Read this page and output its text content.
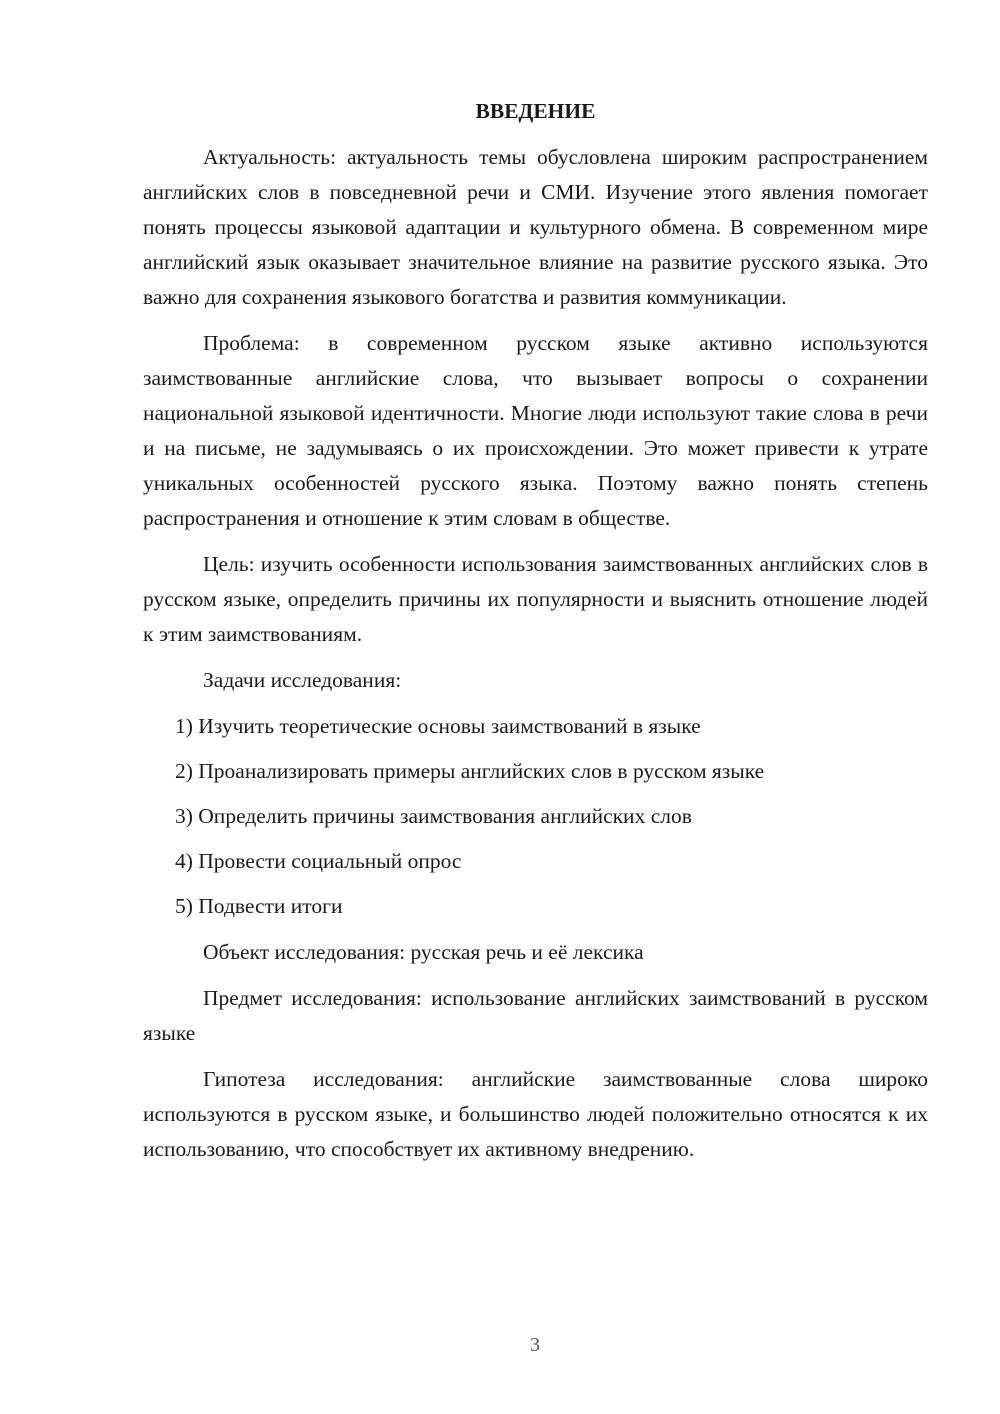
ВВЕДЕНИЕ

Актуальность: актуальность темы обусловлена широким распространением английских слов в повседневной речи и СМИ. Изучение этого явления помогает понять процессы языковой адаптации и культурного обмена. В современном мире английский язык оказывает значительное влияние на развитие русского языка. Это важно для сохранения языкового богатства и развития коммуникации.

Проблема: в современном русском языке активно используются заимствованные английские слова, что вызывает вопросы о сохранении национальной языковой идентичности. Многие люди используют такие слова в речи и на письме, не задумываясь о их происхождении. Это может привести к утрате уникальных особенностей русского языка. Поэтому важно понять степень распространения и отношение к этим словам в обществе.

Цель: изучить особенности использования заимствованных английских слов в русском языке, определить причины их популярности и выяснить отношение людей к этим заимствованиям.

Задачи исследования:

1) Изучить теоретические основы заимствований в языке
2) Проанализировать примеры английских слов в русском языке
3) Определить причины заимствования английских слов
4) Провести социальный опрос
5) Подвести итоги

Объект исследования: русская речь и её лексика

Предмет исследования: использование английских заимствований в русском языке

Гипотеза исследования: английские заимствованные слова широко используются в русском языке, и большинство людей положительно относятся к их использованию, что способствует их активному внедрению.

3
